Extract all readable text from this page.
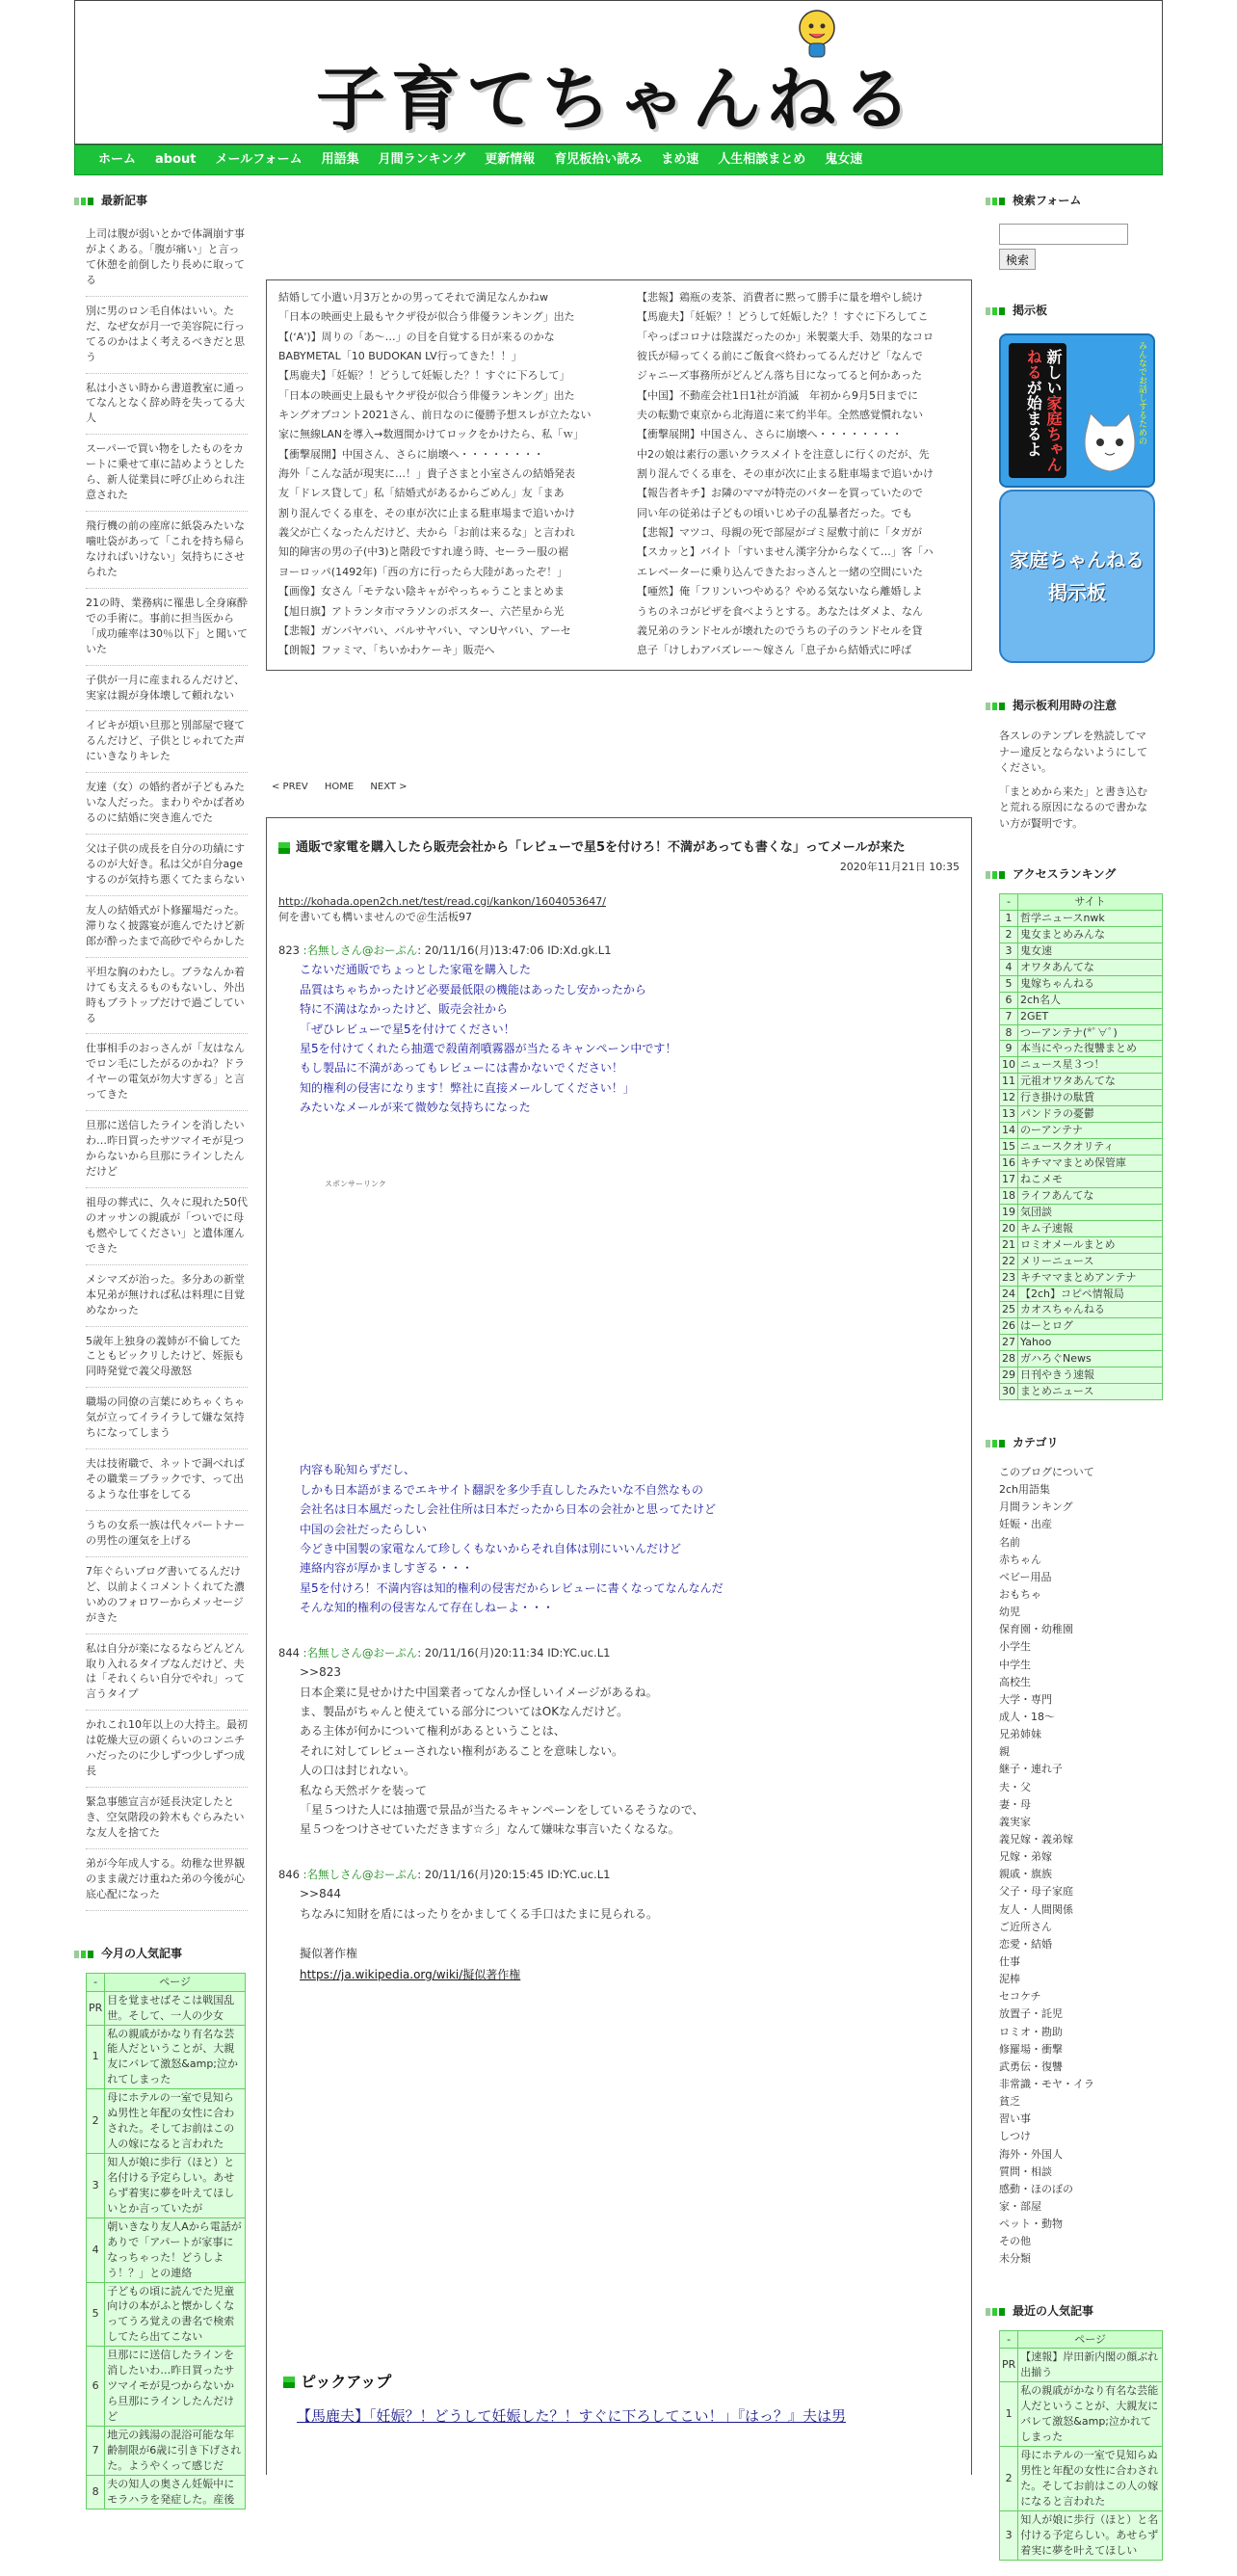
子育てちゃんねる
ホーム	about	メールフォーム	用語集	月間ランキング	更新情報	育児板拾い読み	まめ速	人生相談まとめ	鬼女速
最新記事
上司は腹が弱いとかで体調崩す事がよくある。「腹が痛い」と言って休憩を前倒したり長めに取ってる
別に男のロン毛自体はいい。ただ、なぜ女が月一で美容院に行ってるのかはよく考えるべきだと思う
私は小さい時から書道教室に通ってなんとなく辞め時を失ってる大人
スーパーで買い物をしたものをカートに乗せて車に詰めようとしたら、新人従業員に呼び止められ注意された
飛行機の前の座席に紙袋みたいな噛吐袋があって「これを持ち帰らなければいけない」気持ちにさせられた
21の時、業務病に罹患し全身麻酔での手術に。事前に担当医から「成功確率は30％以下」と聞いていた
子供が一月に産まれるんだけど、実家は親が身体壊して頼れない
イビキが煩い旦那と別部屋で寝てるんだけど、子供とじゃれてた声にいきなりキレた
友達（女）の婚約者が子どもみたいな人だった。まわりやかば者めるのに結婚に突き進んでた
父は子供の成長を自分の功績にするのが大好き。私は父が自分ageするのが気持ち悪くてたまらない
友人の結婚式が卜修羅場だった。滞りなく披露宴が進んでたけど新郎が酔ったまで高砂でやらかした
平坦な胸のわたし。ブラなんか着けても支えるものもないし、外出時もブラトップだけで過ごしている
仕事相手のおっさんが「友はなんでロン毛にしたがるのかね？ドライヤーの電気が勿大すぎる」と言ってきた
旦那に送信したラインを消したいわ…昨日買ったサツマイモが見つからないから旦那にラインしたんだけど
祖母の葬式に、久々に現れた50代のオッサンの親戚が「ついでに母も燃やしてください」と遺体運んできた
メシマズが治った。多分あの新堂本兄弟が無ければ私は料理に目覚めなかった
5歳年上独身の義姉が不倫してたこともビックリしたけど、姪振も同時発覚で義父母激怒
職場の同僚の言葉にめちゃくちゃ気が立ってイライラして嫌な気持ちになってしまう
夫は技術職で、ネットで調べればその職業＝ブラックです、って出るような仕事をしてる
うちの女系一族は代々パートナーの男性の運気を上げる
7年ぐらいブログ書いてるんだけど、以前よくコメントくれてた濃いめのフォロワーからメッセージがきた
私は自分が楽になるならどんどん取り入れるタイプなんだけど、夫は「それくらい自分でやれ」って言うタイプ
かれこれ10年以上の大持主。最初は乾燥大豆の頭くらいのコンニチハだったのに少しずつ少しずつ成長
緊急事態宣言が延長決定したとき、空気階段の鈴木もぐらみたいな友人を捨てた
弟が今年成人する。幼稚な世界観のまま歳だけ重ねた弟の今後が心底心配になった
今月の人気記事
-	ページ
PR	目を覚ませばそこは戦国乱世。そして、一人の少女
1	私の親戚がかなり有名な芸能人だということが、大親友にバレて激怒&amp;泣かれてしまった
2	母にホテルの一室で見知らぬ男性と年配の女性に合わされた。そしてお前はこの人の嫁になると言われた
3	知人が娘に歩行（ほと）と名付ける予定らしい。あせらず着実に夢を叶えてほしいとか言っていたが
4	朝いきなり友人Aから電話がありで「アパートが家事になっちゃった！どうしよう！？」との連絡
5	子どもの頃に読んでた児童向けの本がふと懐かしくなってうろ覚えの書名で検索してたら出てこない
6	旦那にに送信したラインを消したいわ…昨日買ったサツマイモが見つからないから旦那にラインしたんだけど
7	地元の銭湯の混浴可能な年齢制限が6歳に引き下げされた。ようやくって感じだ
8	夫の知人の奥さん妊娠中にモラハラを発症した。産後
結婚して小遣い月3万とかの男ってそれで満足なんかねw
「日本の映画史上最もヤクザ役が似合う俳優ランキング」出た
【(ʻA')】周りの「あ～…」の目を自覚する日が来るのかな
BABYMETAL「10 BUDOKAN LV行ってきた！！」
【馬鹿夫】「妊娠？！どうして妊娠した？！すぐに下ろして」
「日本の映画史上最もヤクザ役が似合う俳優ランキング」出た
キングオブコント2021さん、前日なのに優勝予想スレが立たない
家に無線LANを導入→数週間かけてロックをかけたら、私「ｗ」
【衝撃展開】中国さん、さらに崩壊へ・・・・・・・・
海外「こんな話が現実に…！」貴子さまと小室さんの結婚発表
友「ドレス貸して」私「結婚式があるからごめん」友「まあ
割り混んでくる車を、その車が次に止まる駐車場まで追いかけ
義父が亡くなったんだけど、夫から「お前は来るな」と言われ
知的障害の男の子(中3)と階段ですれ違う時、セーラー服の裾
ヨーロッパ(1492年)「西の方に行ったら大陸があったぞ！」
【画像】女さん「モテない陰キャがやっちゃうことまとめま
【旭日旗】アトランタ市マラソンのポスター、六芒星から光
【悲報】ガンバヤバい、バルサヤバい、マンUヤバい、アーセ
【朗報】ファミマ、「ちいかわケーキ」販売へ
【悲報】鶏瓶の麦茶、消費者に黙って勝手に量を増やし続け
【馬鹿夫】「妊娠？！どうして妊娠した？！すぐに下ろしてこ
「やっぱコロナは陰謀だったのか」米製薬大手、効果的なコロ
彼氏が帰ってくる前にご飯食べ終わってるんだけど「なんで
ジャニーズ事務所がどんどん落ち目になってると何かあった
【中国】不動産会社1日1社が消滅　年初から9月5日までに
夫の転勤で東京から北海道に来て約半年。全然感覚慣れない
【衝撃展開】中国さん、さらに崩壊へ・・・・・・・・
中2の娘は素行の悪いクラスメイトを注意しに行くのだが、先
割り混んでくる車を、その車が次に止まる駐車場まで追いかけ
【報告者キチ】お隣のママが特売のバターを買っていたので
同い年の従弟は子どもの頃いじめ子の乱暴者だった。でも
【悲報】マツコ、母親の死で部屋がゴミ屋敷寸前に「タガが
【スカッと】バイト「すいません漢字分からなくて…」客「ハ
エレベーターに乗り込んできたおっさんと一緒の空間にいた
【唖然】俺「フリンいつやめる？やめる気ないなら離婚しよ
うちのネコがピザを食べようとする。あなたはダメよ、なん
義兄弟のランドセルが壊れたのでうちの子のランドセルを貸
息子「けしわアバズレー～嫁さん「息子から結婚式に呼ば
< PREV HOME NEXT >
通販で家電を購入したら販売会社から「レビューで星5を付けろ！不満があっても書くな」ってメールが来た
2020年11月21日 10:35
http://kohada.open2ch.net/test/read.cgi/kankon/1604053647/
何を書いても構いませんので＠生活板97
823 :名無しさん@おーぷん: 20/11/16(月)13:47:06 ID:Xd.gk.L1
こないだ通販でちょっとした家電を購入した
品質はちゃちかったけど必要最低限の機能はあったし安かったから
特に不満はなかったけど、販売会社から
「ぜひレビューで星5を付けてください！
星5を付けてくれたら抽選で殺菌剤噴霧器が当たるキャンペーン中です！
もし製品に不満があってもレビューには書かないでください！
知的権利の侵害になります！弊社に直接メールしてください！」
みたいなメールが来て微妙な気持ちになった
スポンサーリンク
内容も恥知らずだし、
しかも日本語がまるでエキサイト翻訳を多少手直ししたみたいな不自然なもの
会社名は日本風だったし会社住所は日本だったから日本の会社かと思ってたけど
中国の会社だったらしい
今どき中国製の家電なんて珍しくもないからそれ自体は別にいいんだけど
連絡内容が厚かましすぎる・・・
星5を付けろ！不満内容は知的権利の侵害だからレビューに書くなってなんなんだ
そんな知的権利の侵害なんて存在しねーよ・・・
844 :名無しさん@おーぷん: 20/11/16(月)20:11:34 ID:YC.uc.L1
>>823
日本企業に見せかけた中国業者ってなんか怪しいイメージがあるね。
ま、製品がちゃんと使えている部分についてはOKなんだけど。
ある主体が何かについて権利があるということは、
それに対してレビューされない権利があることを意味しない。
人の口は封じれない。
私なら天然ボケを装って
「星５つけた人には抽選で景品が当たるキャンペーンをしているそうなので、
星５つをつけさせていただきます☆彡」なんて嫌味な事言いたくなるな。
846 :名無しさん@おーぷん: 20/11/16(月)20:15:45 ID:YC.uc.L1
>>844
ちなみに知財を盾にはったりをかましてくる手口はたまに見られる。
擬似著作権
https://ja.wikipedia.org/wiki/擬似著作権
ピックアップ
【馬鹿夫】「妊娠？！どうして妊娠した？！すぐに下ろしてこい！」『はっ？』夫は男
検索フォーム

検索
掲示板
新しい家庭ちゃんねるが始まるよ	みんなでお話しするための
家庭ちゃんねる
掲示板
掲示板利用時の注意
各スレのテンプレを熟読してマナー違反とならないようにしてください。
「まとめから来た」と書き込むと荒れる原因になるので書かない方が賢明です。
アクセスランキング
-	サイト
1	哲学ニュースnwk
2	鬼女まとめみんな
3	鬼女速
4	オワタあんてな
5	鬼嫁ちゃんねる
6	2ch名人
7	2GET
8	つーアンテナ(*ﾟ∀ﾟ)
9	本当にやった復讐まとめ
10	ニュース星３つ！
11	元祖オワタあんてな
12	行き掛けの駄賃
13	パンドラの憂鬱
14	のーアンテナ
15	ニュースクオリティ
16	キチママまとめ保管庫
17	ねこメモ
18	ライフあんてな
19	気団談
20	キム子速報
21	ロミオメールまとめ
22	メリーニュース
23	キチママまとめアンテナ
24	【2ch】コピペ情報局
25	カオスちゃんねる
26	はーとログ
27	Yahoo
28	ガハろぐNews
29	日刊やきう速報
30	まとめニュース
カテゴリ
このブログについて
2ch用語集
月間ランキング
妊娠・出産
名前
赤ちゃん
ベビー用品
おもちゃ
幼児
保育園・幼稚園
小学生
中学生
高校生
大学・専門
成人・18～
兄弟姉妹
親
継子・連れ子
夫・父
妻・母
義実家
義兄嫁・義弟嫁
兄嫁・弟嫁
親戚・旗族
父子・母子家庭
友人・人間関係
ご近所さん
恋愛・結婚
仕事
泥棒
セコケチ
放置子・託児
ロミオ・勘助
修羅場・衝撃
武勇伝・復讐
非常識・モヤ・イラ
貧乏
習い事
しつけ
海外・外国人
質問・相談
感動・ほのぼの
家・部屋
ペット・動物
その他
未分類
最近の人気記事
-	ページ
PR	【速報】岸田新内閣の顔ぶれ出揃う
1	私の親戚がかなり有名な芸能人だということが、大親友にバレて激怒&amp;泣かれてしまった
2	母にホテルの一室で見知らぬ男性と年配の女性に合わされた。そしてお前はこの人の嫁になると言われた
3	知人が娘に歩行（ほと）と名付ける予定らしい。あせらず着実に夢を叶えてほしい
